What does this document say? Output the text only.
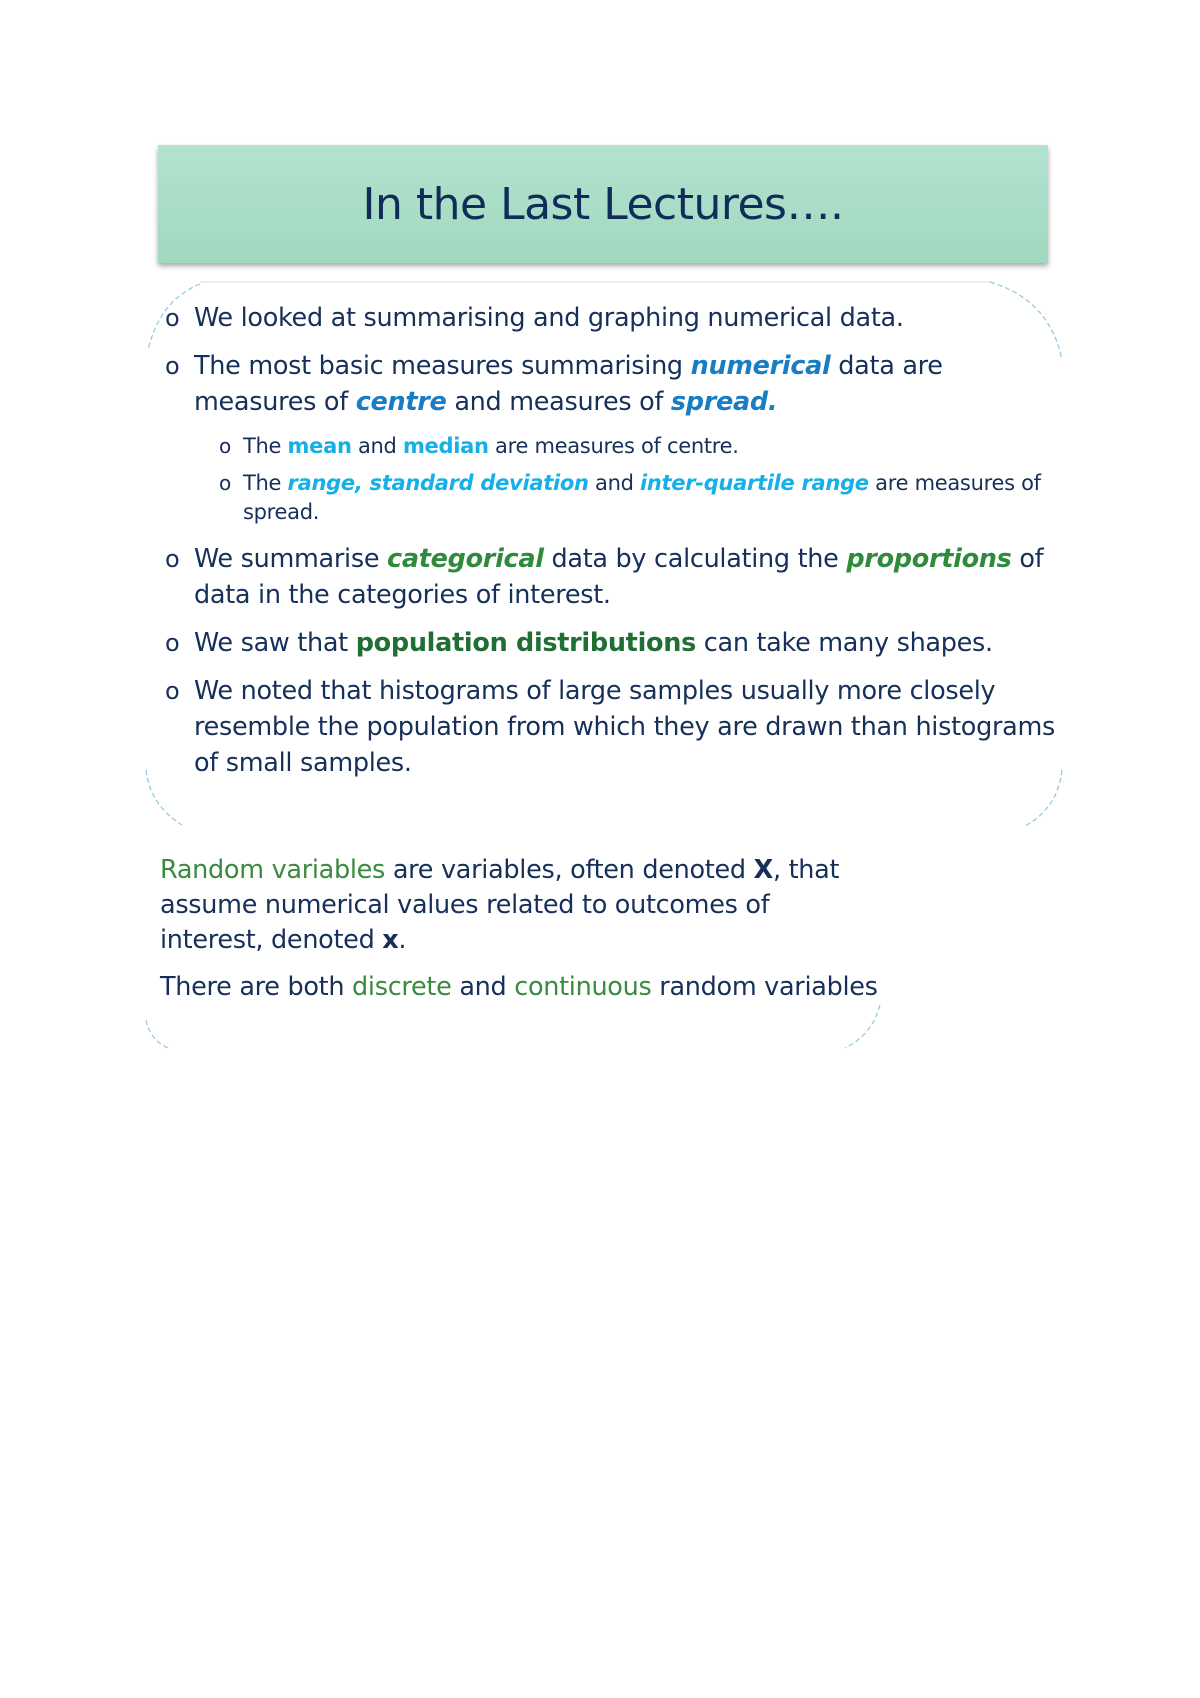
In the Last Lectures….
o We looked at summarising and graphing numerical data.
o The most basic measures summarising numerical data are measures of centre and measures of spread.
o The mean and median are measures of centre.
o The range, standard deviation and inter-quartile range are measures of spread.
o We summarise categorical data by calculating the proportions of data in the categories of interest.
o We saw that population distributions can take many shapes.
o We noted that histograms of large samples usually more closely resemble the population from which they are drawn than histograms of small samples.

Random variables are variables, often denoted X, that assume numerical values related to outcomes of interest, denoted x.

There are both discrete and continuous random variables
